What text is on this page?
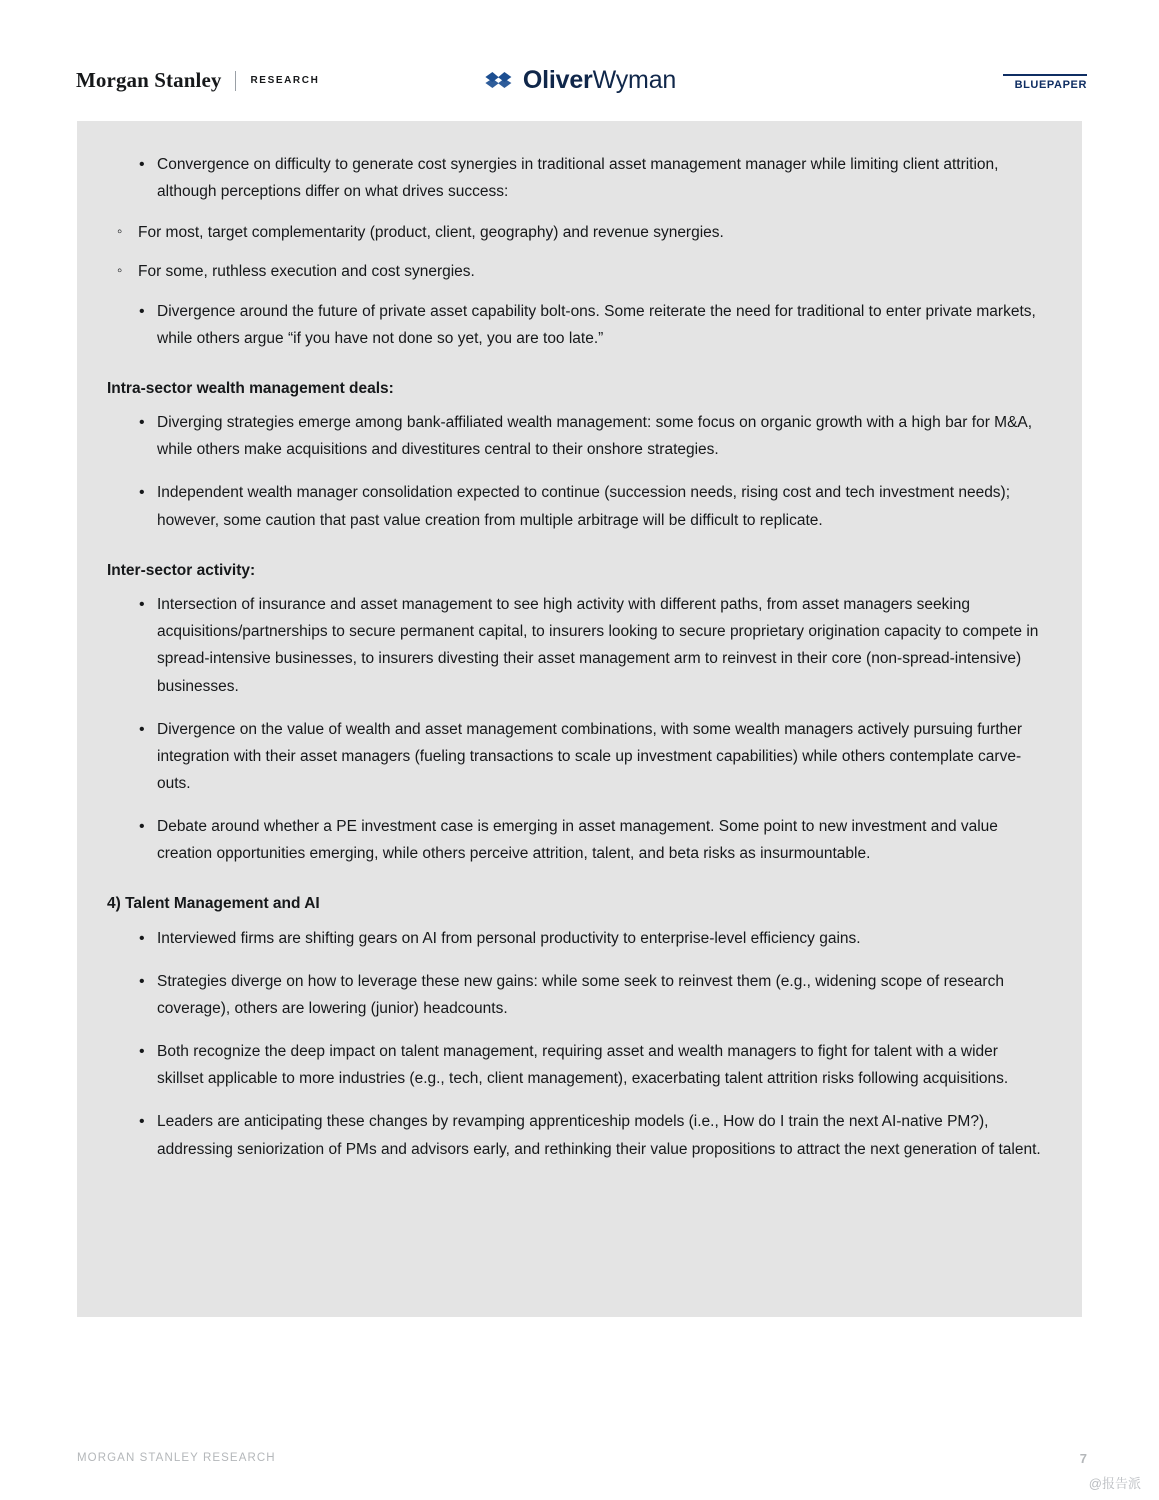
Morgan Stanley	RESEARCH	OliverWyman	BLUEPAPER
• Convergence on difficulty to generate cost synergies in traditional asset management manager while limiting client attrition, although perceptions differ on what drives success:
◦ For most, target complementarity (product, client, geography) and revenue synergies.
◦ For some, ruthless execution and cost synergies.
• Divergence around the future of private asset capability bolt-ons. Some reiterate the need for traditional to enter private markets, while others argue “if you have not done so yet, you are too late.”
Intra-sector wealth management deals:
• Diverging strategies emerge among bank-affiliated wealth management: some focus on organic growth with a high bar for M&A, while others make acquisitions and divestitures central to their onshore strategies.
• Independent wealth manager consolidation expected to continue (succession needs, rising cost and tech investment needs); however, some caution that past value creation from multiple arbitrage will be difficult to replicate.
Inter-sector activity:
• Intersection of insurance and asset management to see high activity with different paths, from asset managers seeking acquisitions/partnerships to secure permanent capital, to insurers looking to secure proprietary origination capacity to compete in spread-intensive businesses, to insurers divesting their asset management arm to reinvest in their core (non-spread-intensive) businesses.
• Divergence on the value of wealth and asset management combinations, with some wealth managers actively pursuing further integration with their asset managers (fueling transactions to scale up investment capabilities) while others contemplate carve-outs.
• Debate around whether a PE investment case is emerging in asset management. Some point to new investment and value creation opportunities emerging, while others perceive attrition, talent, and beta risks as insurmountable.
4) Talent Management and AI
• Interviewed firms are shifting gears on AI from personal productivity to enterprise-level efficiency gains.
• Strategies diverge on how to leverage these new gains: while some seek to reinvest them (e.g., widening scope of research coverage), others are lowering (junior) headcounts.
• Both recognize the deep impact on talent management, requiring asset and wealth managers to fight for talent with a wider skillset applicable to more industries (e.g., tech, client management), exacerbating talent attrition risks following acquisitions.
• Leaders are anticipating these changes by revamping apprenticeship models (i.e., How do I train the next AI-native PM?), addressing seniorization of PMs and advisors early, and rethinking their value propositions to attract the next generation of talent.
MORGAN STANLEY RESEARCH	7
@报告派
